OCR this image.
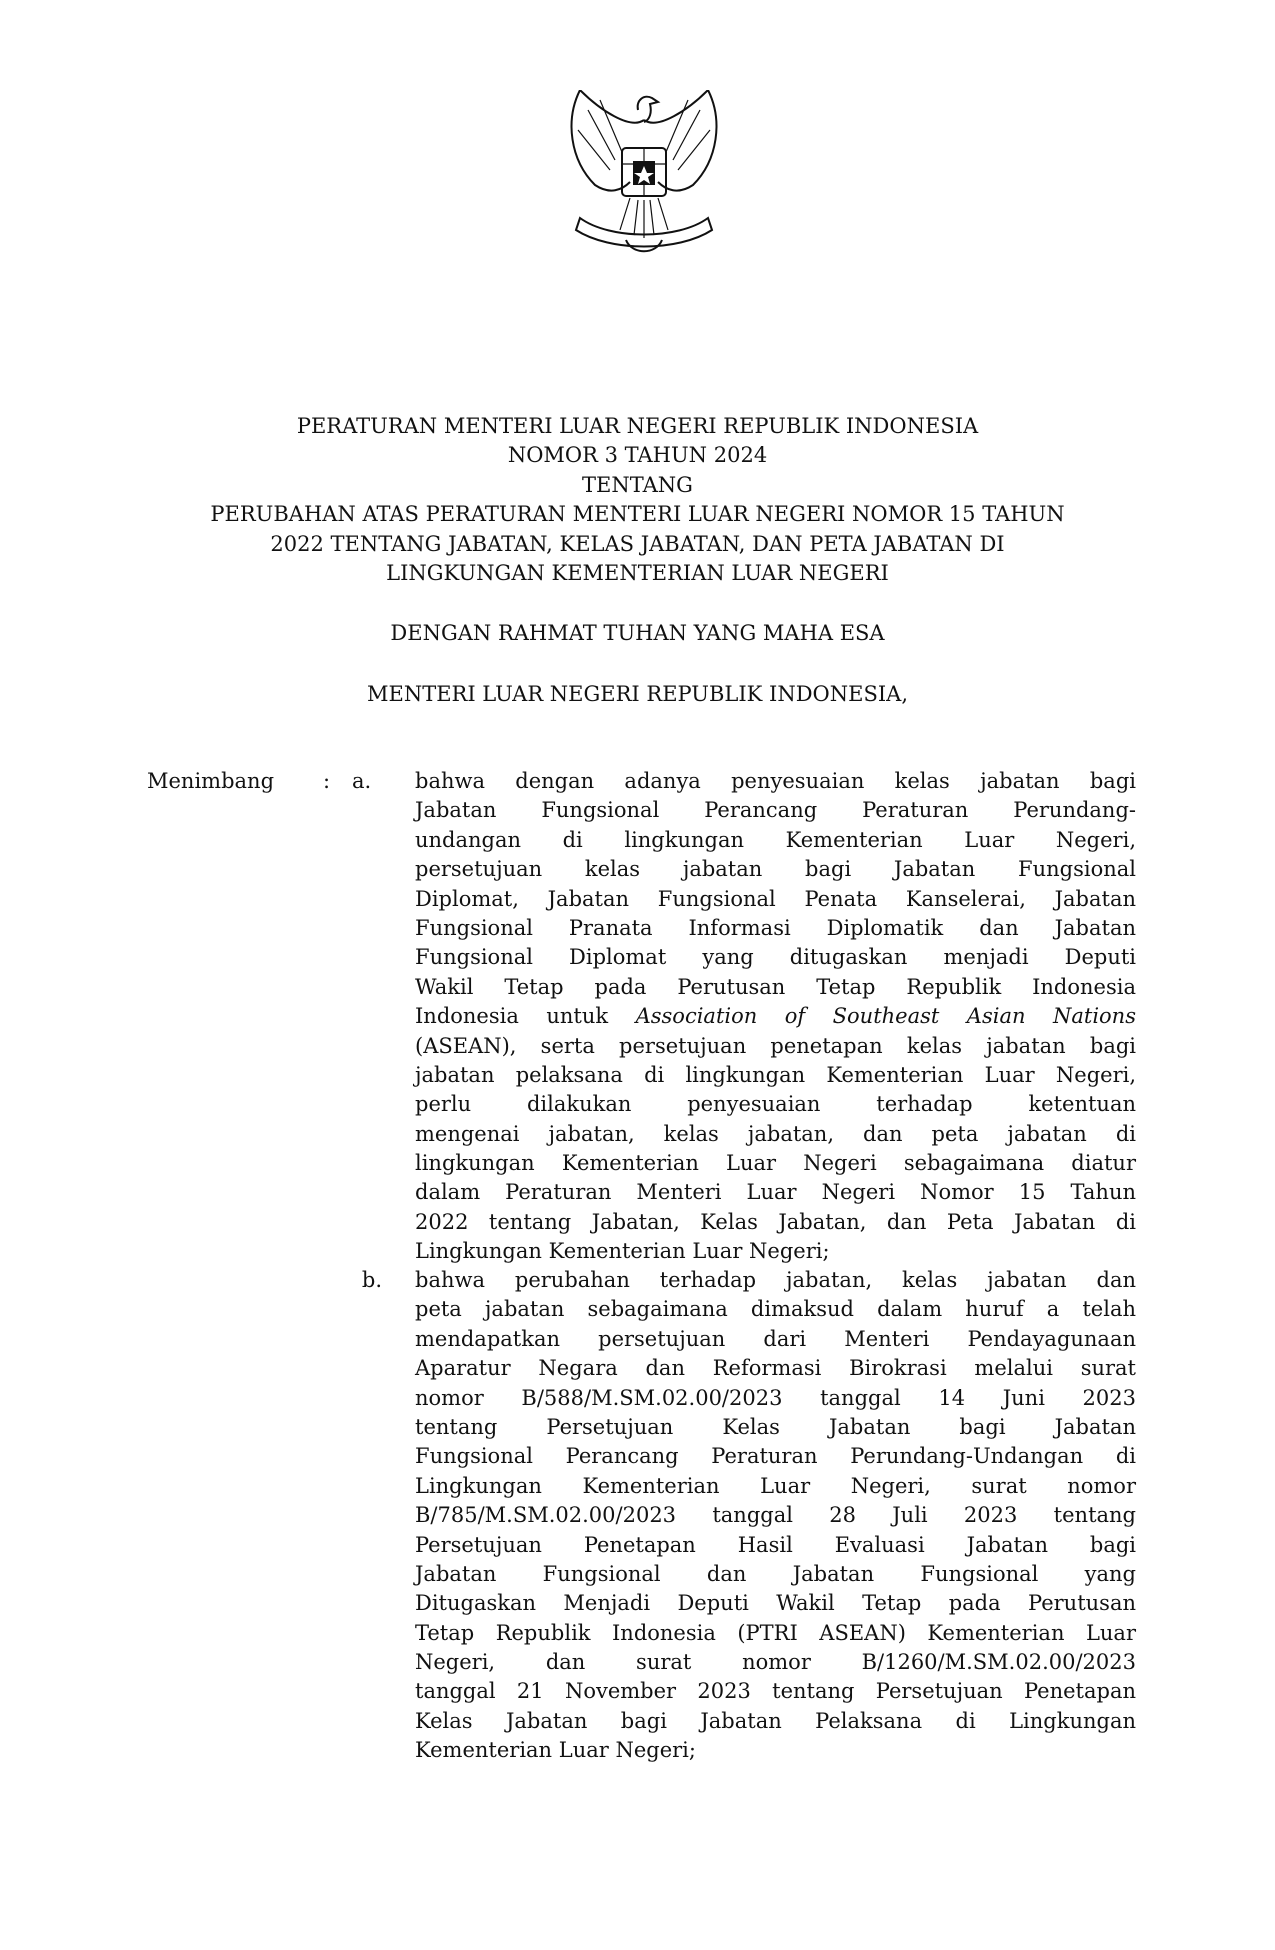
PERATURAN MENTERI LUAR NEGERI REPUBLIK INDONESIA
NOMOR 3 TAHUN 2024
TENTANG
PERUBAHAN ATAS PERATURAN MENTERI LUAR NEGERI NOMOR 15 TAHUN
2022 TENTANG JABATAN, KELAS JABATAN, DAN PETA JABATAN DI
LINGKUNGAN KEMENTERIAN LUAR NEGERI
DENGAN RAHMAT TUHAN YANG MAHA ESA
MENTERI LUAR NEGERI REPUBLIK INDONESIA,
Menimbang : a.
b.
bahwa dengan adanya penyesuaian kelas jabatan bagi
Jabatan Fungsional Perancang Peraturan Perundang-
undangan di lingkungan Kementerian Luar Negeri,
persetujuan kelas jabatan bagi Jabatan Fungsional
Diplomat, Jabatan Fungsional Penata Kanselerai, Jabatan
Fungsional Pranata Informasi Diplomatik dan Jabatan
Fungsional Diplomat yang ditugaskan menjadi Deputi
Wakil Tetap pada Perutusan Tetap Republik Indonesia
Indonesia untuk Association of Southeast Asian Nations
(ASEAN), serta persetujuan penetapan kelas jabatan bagi
jabatan pelaksana di lingkungan Kementerian Luar Negeri,
perlu dilakukan penyesuaian terhadap ketentuan
mengenai jabatan, kelas jabatan, dan peta jabatan di
lingkungan Kementerian Luar Negeri sebagaimana diatur
dalam Peraturan Menteri Luar Negeri Nomor 15 Tahun
2022 tentang Jabatan, Kelas Jabatan, dan Peta Jabatan di
Lingkungan Kementerian Luar Negeri;
bahwa perubahan terhadap jabatan, kelas jabatan dan
peta jabatan sebagaimana dimaksud dalam huruf a telah
mendapatkan persetujuan dari Menteri Pendayagunaan
Aparatur Negara dan Reformasi Birokrasi melalui surat
nomor B/588/M.SM.02.00/2023 tanggal 14 Juni 2023
tentang Persetujuan Kelas Jabatan bagi Jabatan
Fungsional Perancang Peraturan Perundang-Undangan di
Lingkungan Kementerian Luar Negeri, surat nomor
B/785/M.SM.02.00/2023 tanggal 28 Juli 2023 tentang
Persetujuan Penetapan Hasil Evaluasi Jabatan bagi
Jabatan Fungsional dan Jabatan Fungsional yang
Ditugaskan Menjadi Deputi Wakil Tetap pada Perutusan
Tetap Republik Indonesia (PTRI ASEAN) Kementerian Luar
Negeri, dan surat nomor B/1260/M.SM.02.00/2023
tanggal 21 November 2023 tentang Persetujuan Penetapan
Kelas Jabatan bagi Jabatan Pelaksana di Lingkungan
Kementerian Luar Negeri;
